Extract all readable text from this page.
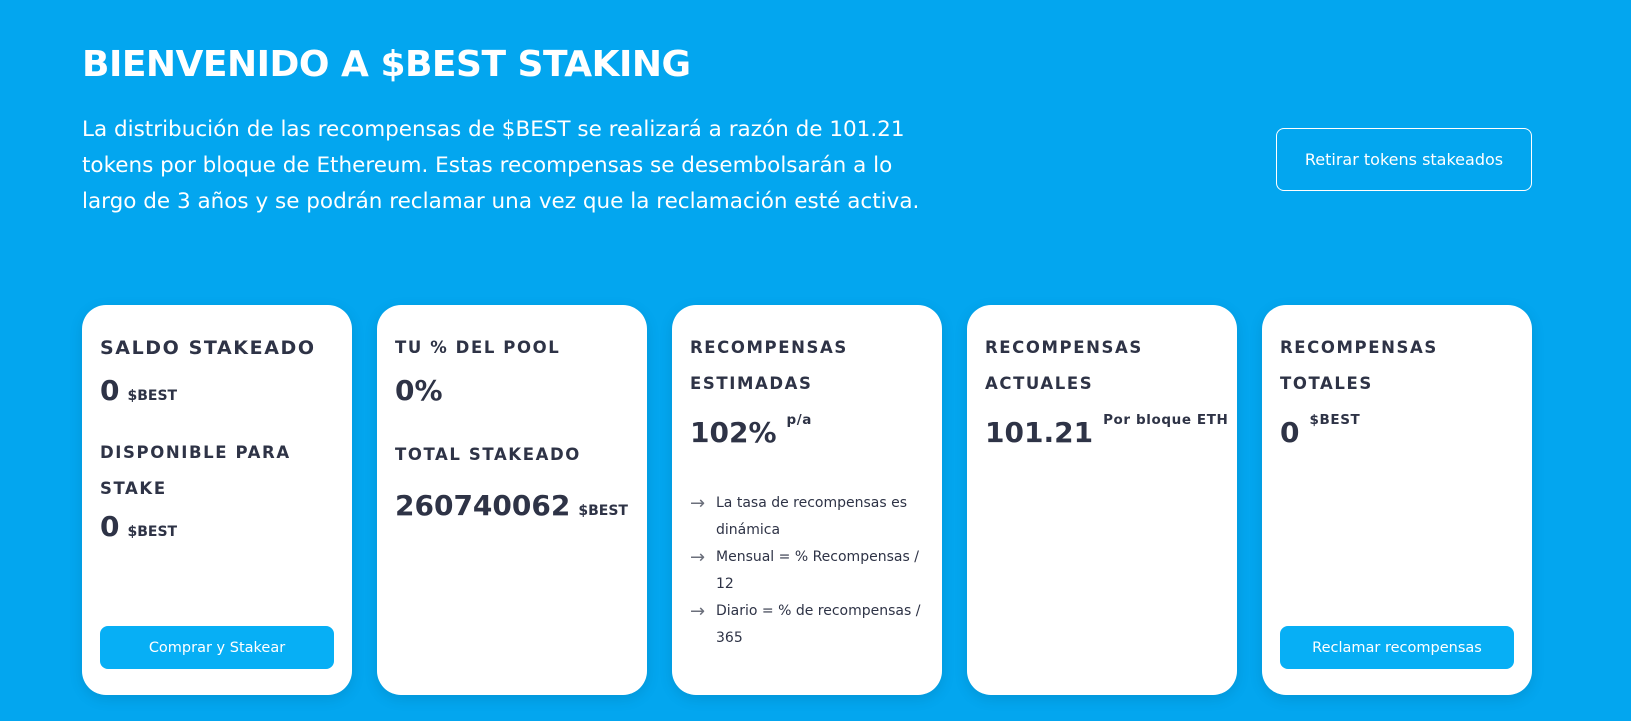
BIENVENIDO A $BEST STAKING

La distribución de las recompensas de $BEST se realizará a razón de 101.21 tokens por bloque de Ethereum. Estas recompensas se desembolsarán a lo largo de 3 años y se podrán reclamar una vez que la reclamación esté activa.

Retirar tokens stakeados
SALDO STAKEADO
0 $BEST
DISPONIBLE PARA STAKE
0 $BEST
Comprar y Stakear
TU % DEL POOL
0%
TOTAL STAKEADO
260740062 $BEST
RECOMPENSAS ESTIMADAS
102% $^{p/a}$
→ La tasa de recompensas es dinámica
→ Mensual = % Recompensas / 12
→ Diario = % de recompensas / 365
RECOMPENSAS ACTUALES
101.21 $^{Por bloque ETH}$
RECOMPENSAS TOTALES
0 $^{\$BEST}$
Reclamar recompensas
